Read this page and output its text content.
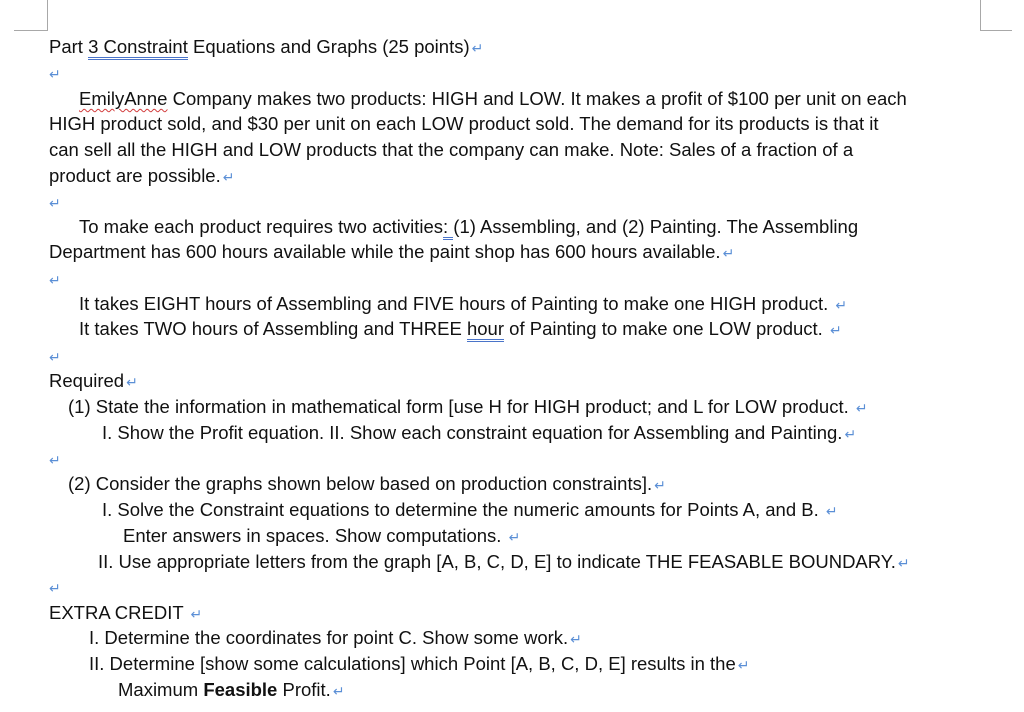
Part 3 Constraint Equations and Graphs (25 points) ↵
↵
EmilyAnne Company makes two products: HIGH and LOW. It makes a profit of $100 per unit on each
HIGH product sold, and $30 per unit on each LOW product sold. The demand for its products is that it
can sell all the HIGH and LOW products that the company can make. Note: Sales of a fraction of a
product are possible. ↵
↵
To make each product requires two activities: (1) Assembling, and (2) Painting. The Assembling
Department has 600 hours available while the paint shop has 600 hours available. ↵
↵
It takes EIGHT hours of Assembling and FIVE hours of Painting to make one HIGH product. ↵
It takes TWO hours of Assembling and THREE hour of Painting to make one LOW product. ↵
↵
Required ↵
(1) State the information in mathematical form [use H for HIGH product; and L for LOW product. ↵
I. Show the Profit equation. II. Show each constraint equation for Assembling and Painting. ↵
↵
(2) Consider the graphs shown below based on production constraints]. ↵
I. Solve the Constraint equations to determine the numeric amounts for Points A, and B. ↵
Enter answers in spaces. Show computations. ↵
II. Use appropriate letters from the graph [A, B, C, D, E] to indicate THE FEASABLE BOUNDARY. ↵
↵
EXTRA CREDIT ↵
I. Determine the coordinates for point C. Show some work. ↵
II. Determine [show some calculations] which Point [A, B, C, D, E] results in the ↵
Maximum Feasible Profit. ↵
